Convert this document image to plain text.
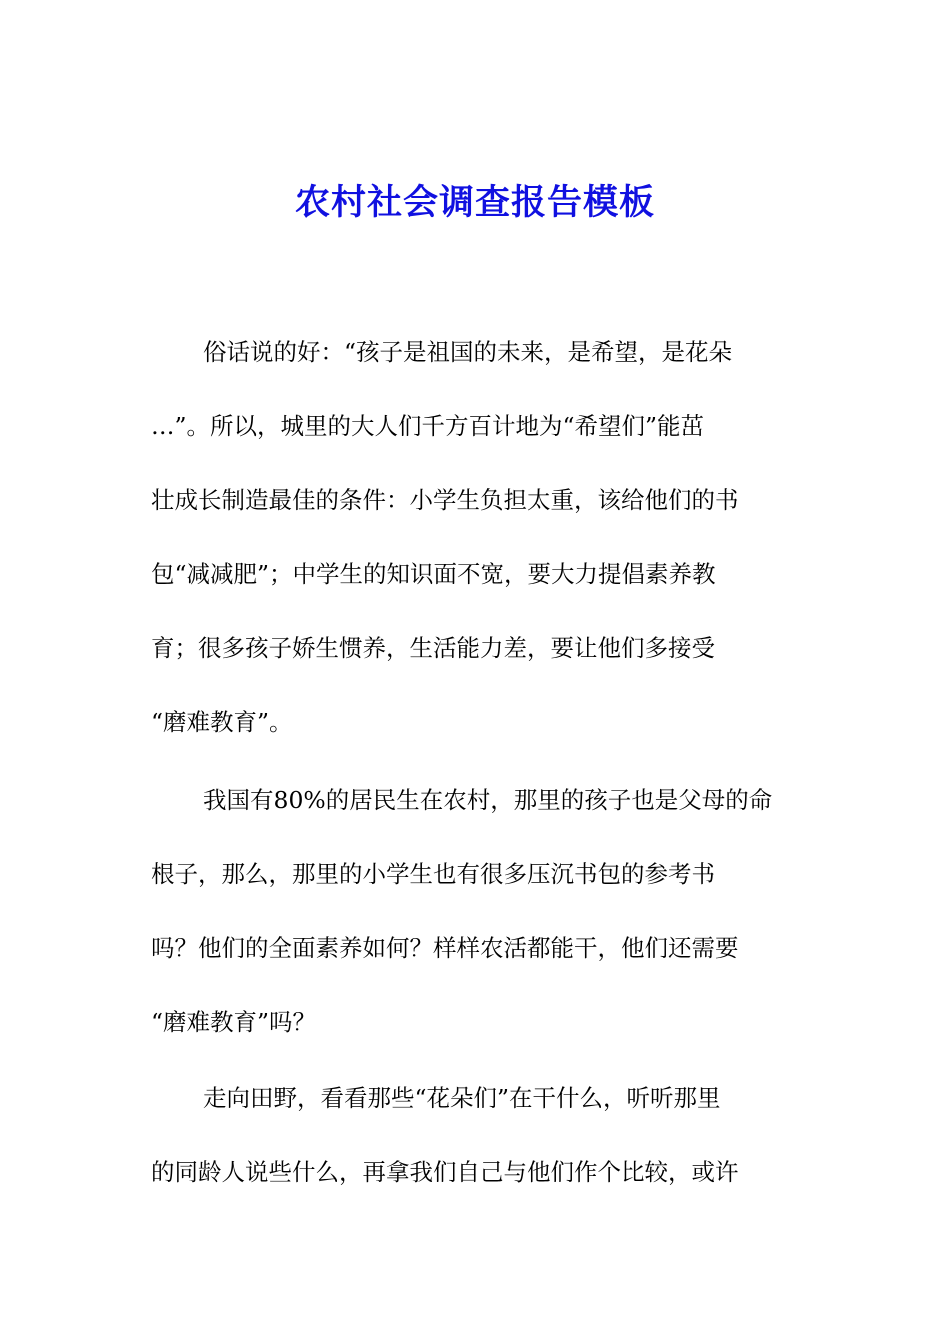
农村社会调查报告模板
俗话说的好：“孩子是祖国的未来，是希望，是花朵
…”。所以，城里的大人们千方百计地为“希望们”能茁
壮成长制造最佳的条件：小学生负担太重，该给他们的书
包“减减肥”；中学生的知识面不宽，要大力提倡素养教
育；很多孩子娇生惯养，生活能力差，要让他们多接受
“磨难教育”。
我国有80%的居民生在农村，那里的孩子也是父母的命
根子，那么，那里的小学生也有很多压沉书包的参考书
吗？他们的全面素养如何？样样农活都能干，他们还需要
“磨难教育”吗？
走向田野，看看那些“花朵们”在干什么，听听那里
的同龄人说些什么，再拿我们自己与他们作个比较，或许
